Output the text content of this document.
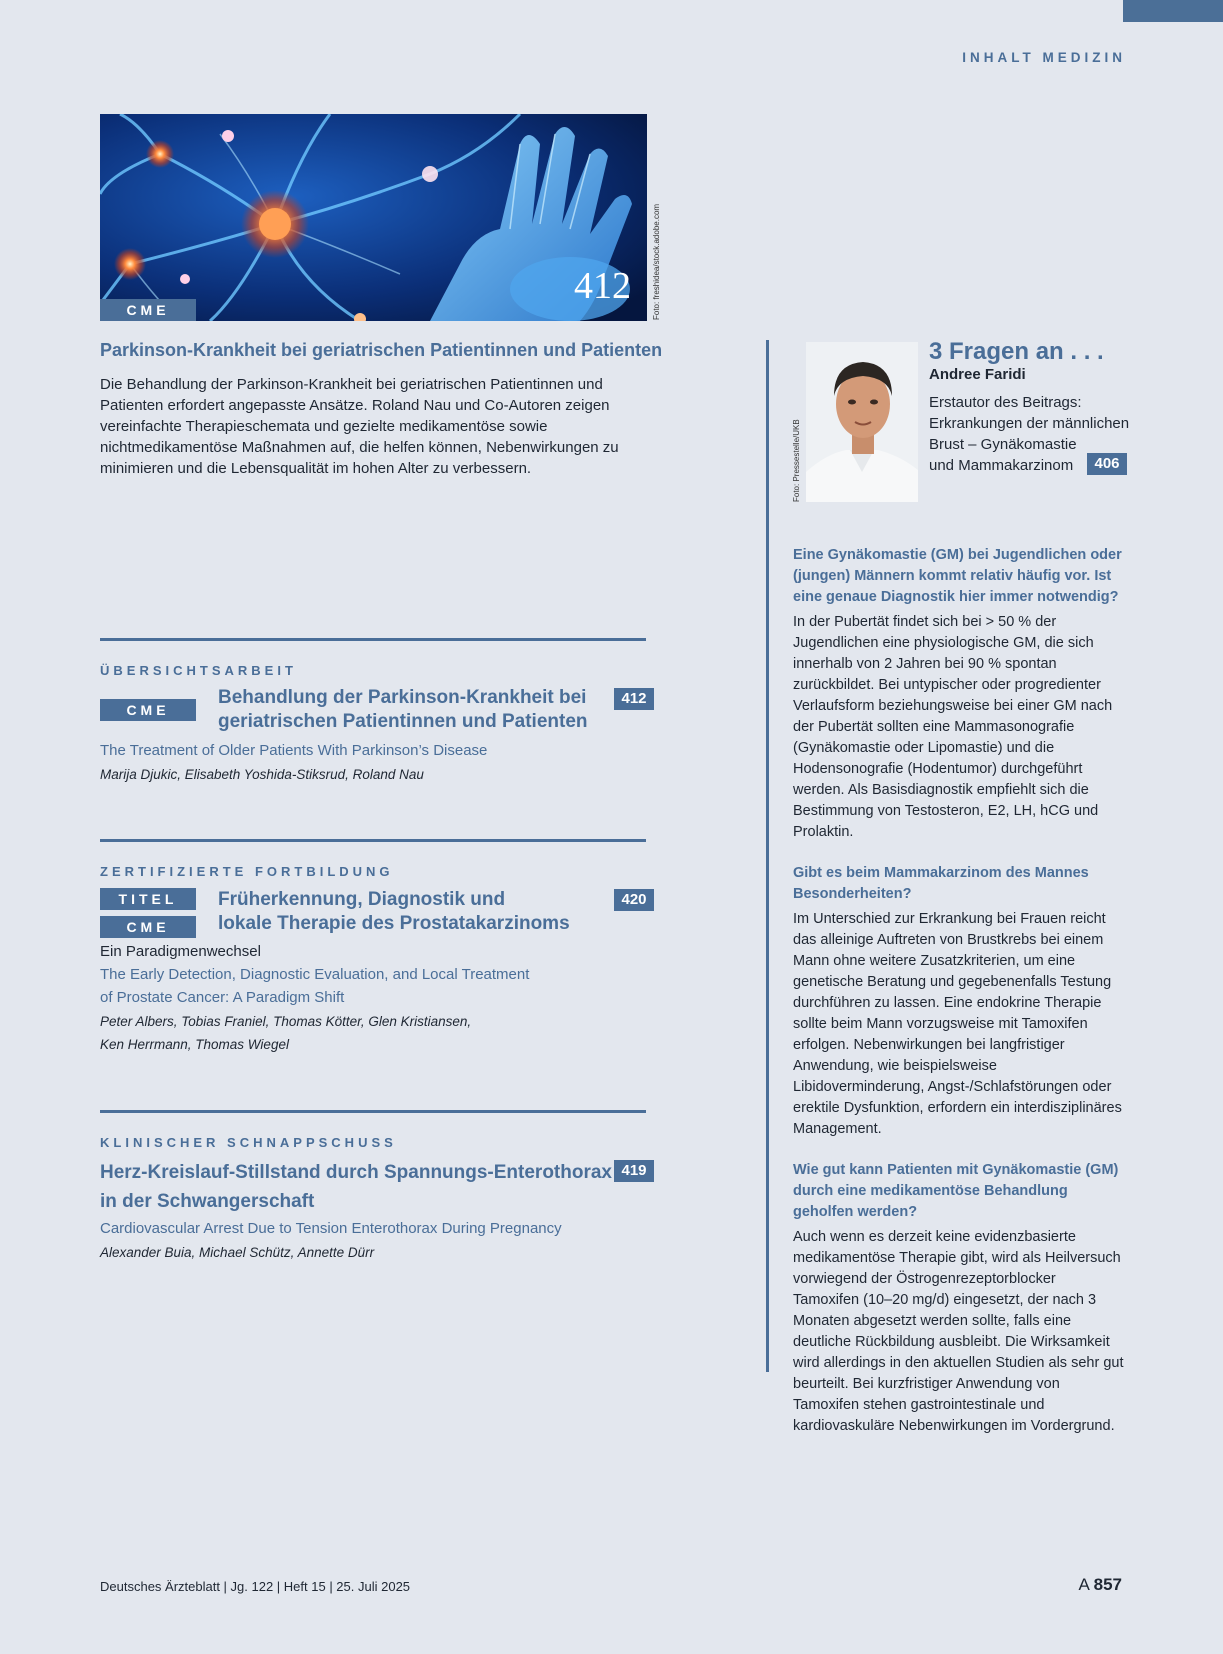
INHALT MEDIZIN
412
CME	Foto: freshidea/stock.adobe.com
Parkinson-Krankheit bei geriatrischen Patientinnen und Patienten
Die Behandlung der Parkinson-Krankheit bei geriatrischen Patientinnen und Patienten erfordert angepasste Ansätze. Roland Nau und Co-Autoren zeigen vereinfachte Therapieschemata und gezielte medikamentöse sowie nichtmedikamentöse Maßnahmen auf, die helfen können, Nebenwirkungen zu minimieren und die Lebensqualität im hohen Alter zu verbessern.
ÜBERSICHTSARBEIT
CME
Behandlung der Parkinson-Krankheit bei
geriatrischen Patientinnen und Patienten
412
The Treatment of Older Patients With Parkinson’s Disease
Marija Djukic, Elisabeth Yoshida-Stiksrud, Roland Nau
ZERTIFIZIERTE FORTBILDUNG
TITEL
CME
Früherkennung, Diagnostik und
lokale Therapie des Prostatakarzinoms
420
Ein Paradigmenwechsel
The Early Detection, Diagnostic Evaluation, and Local Treatment
of Prostate Cancer: A Paradigm Shift
Peter Albers, Tobias Franiel, Thomas Kötter, Glen Kristiansen,
Ken Herrmann, Thomas Wiegel
KLINISCHER SCHNAPPSCHUSS
Herz-Kreislauf-Stillstand durch Spannungs-Enterothorax
in der Schwangerschaft
419
Cardiovascular Arrest Due to Tension Enterothorax During Pregnancy
Alexander Buia, Michael Schütz, Annette Dürr
Foto: Pressestelle/UKB
3 Fragen an . . .
Andree Faridi
Erstautor des Beitrags:
Erkrankungen der männlichen
Brust – Gynäkomastie
und Mammakarzinom	406
Eine Gynäkomastie (GM) bei Jugendlichen oder (jungen) Männern kommt relativ häufig vor. Ist eine genaue Diagnostik hier immer notwendig?
In der Pubertät findet sich bei > 50 % der Jugendlichen eine physiologische GM, die sich innerhalb von 2 Jahren bei 90 % spontan zurückbildet. Bei untypischer oder progredienter Verlaufsform beziehungsweise bei einer GM nach der Pubertät sollten eine Mammasonografie (Gynäkomastie oder Lipomastie) und die Hodensonografie (Hodentumor) durchgeführt werden. Als Basisdiagnostik empfiehlt sich die Bestimmung von Testosteron, E2, LH, hCG und Prolaktin.
Gibt es beim Mammakarzinom des Mannes Besonderheiten?
Im Unterschied zur Erkrankung bei Frauen reicht das alleinige Auftreten von Brustkrebs bei einem Mann ohne weitere Zusatzkriterien, um eine genetische Beratung und gegebenenfalls Testung durchführen zu lassen. Eine endokrine Therapie sollte beim Mann vorzugsweise mit Tamoxifen erfolgen. Nebenwirkungen bei langfristiger Anwendung, wie beispielsweise Libidoverminderung, Angst-/Schlafstörungen oder erektile Dysfunktion, erfordern ein interdisziplinäres Management.
Wie gut kann Patienten mit Gynäkomastie (GM) durch eine medikamentöse Behandlung geholfen werden?
Auch wenn es derzeit keine evidenzbasierte medikamentöse Therapie gibt, wird als Heilversuch vorwiegend der Östrogenrezeptorblocker Tamoxifen (10–20 mg/d) eingesetzt, der nach 3 Monaten abgesetzt werden sollte, falls eine deutliche Rückbildung ausbleibt. Die Wirksamkeit wird allerdings in den aktuellen Studien als sehr gut beurteilt. Bei kurzfristiger Anwendung von Tamoxifen stehen gastrointestinale und kardiovaskuläre Nebenwirkungen im Vordergrund.
Deutsches Ärzteblatt | Jg. 122 | Heft 15 | 25. Juli 2025	A 857
